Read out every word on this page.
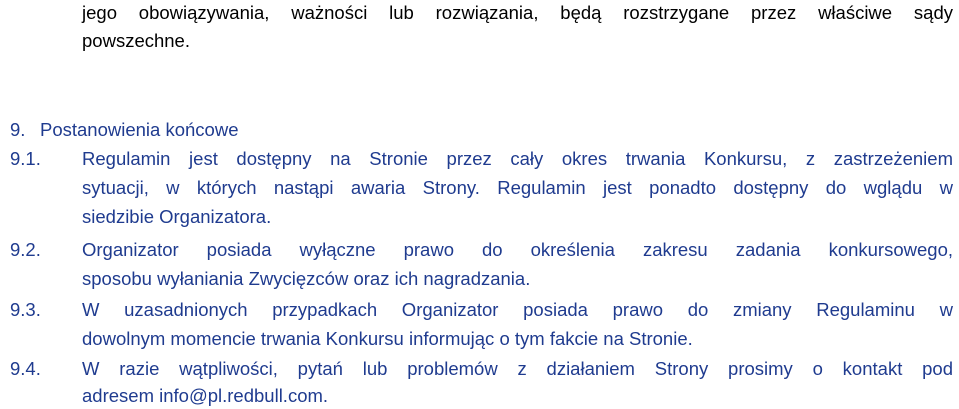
jego obowiązywania, ważności lub rozwiązania, będą rozstrzygane przez właściwe sądy
powszechne.
9. Postanowienia końcowe
9.1. Regulamin jest dostępny na Stronie przez cały okres trwania Konkursu, z zastrzeżeniem
sytuacji, w których nastąpi awaria Strony. Regulamin jest ponadto dostępny do wglądu w
siedzibie Organizatora.
9.2. Organizator posiada wyłączne prawo do określenia zakresu zadania konkursowego,
sposobu wyłaniania Zwycięzców oraz ich nagradzania.
9.3. W uzasadnionych przypadkach Organizator posiada prawo do zmiany Regulaminu w
dowolnym momencie trwania Konkursu informując o tym fakcie na Stronie.
9.4. W razie wątpliwości, pytań lub problemów z działaniem Strony prosimy o kontakt pod
adresem info@pl.redbull.com.
